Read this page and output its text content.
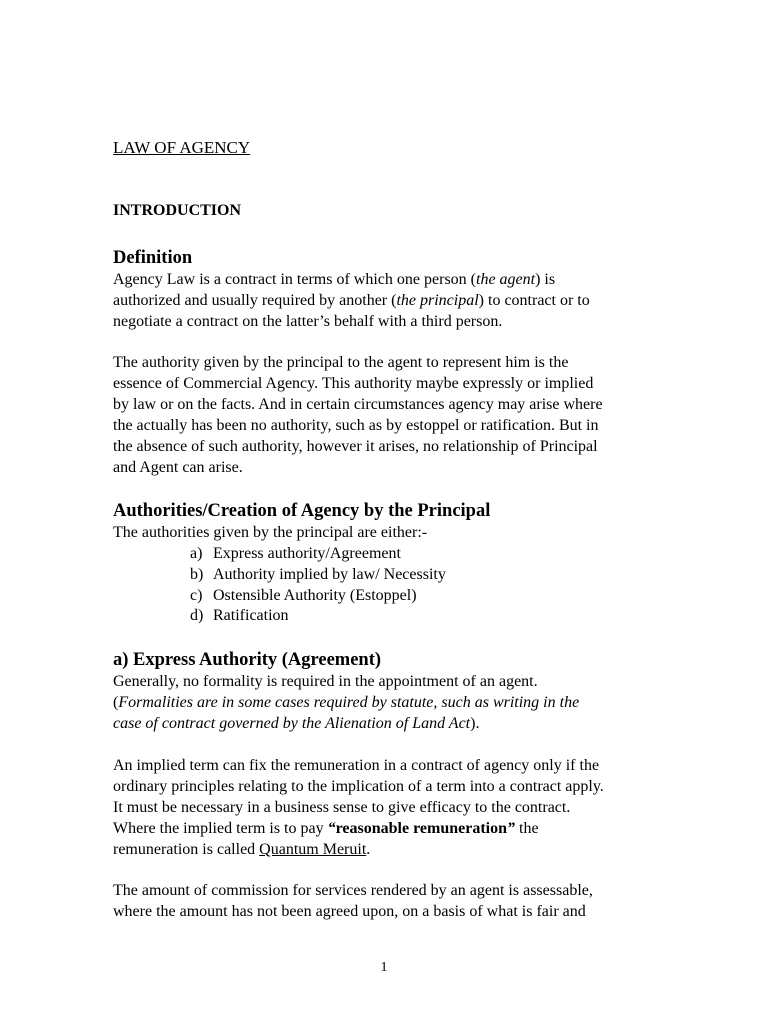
LAW OF AGENCY
INTRODUCTION
Definition
Agency Law is a contract in terms of which one person (the agent) is
authorized and usually required by another (the principal) to contract or to
negotiate a contract on the latter’s behalf with a third person.
The authority given by the principal to the agent to represent him is the
essence of Commercial Agency. This authority maybe expressly or implied
by law or on the facts. And in certain circumstances agency may arise where
the actually has been no authority, such as by estoppel or ratification. But in
the absence of such authority, however it arises, no relationship of Principal
and Agent can arise.
Authorities/Creation of Agency by the Principal
The authorities given by the principal are either:-
a) Express authority/Agreement
b) Authority implied by law/ Necessity
c) Ostensible Authority (Estoppel)
d) Ratification
a) Express Authority (Agreement)
Generally, no formality is required in the appointment of an agent.
(Formalities are in some cases required by statute, such as writing in the
case of contract governed by the Alienation of Land Act).
An implied term can fix the remuneration in a contract of agency only if the
ordinary principles relating to the implication of a term into a contract apply.
It must be necessary in a business sense to give efficacy to the contract.
Where the implied term is to pay “reasonable remuneration” the
remuneration is called Quantum Meruit.
The amount of commission for services rendered by an agent is assessable,
where the amount has not been agreed upon, on a basis of what is fair and
1
